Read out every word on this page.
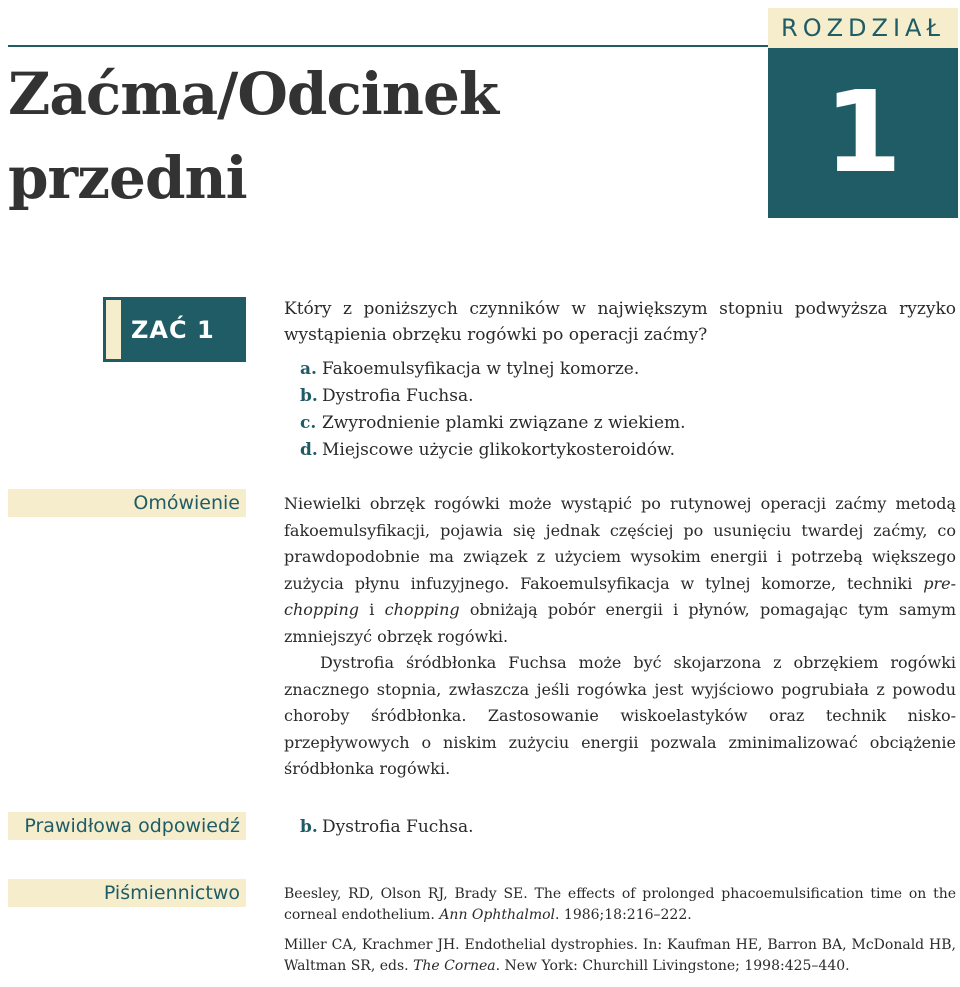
ROZDZIAŁ
1
Zaćma/Odcinek
przedni
ZAĆ 1

Który z poniższych czynników w największym stopniu podwyższa ryzyko wystąpienia obrzęku rogówki po operacji zaćmy?

a. Fakoemulsyfikacja w tylnej komorze.
b. Dystrofia Fuchsa.
c. Zwyrodnienie plamki związane z wiekiem.
d. Miejscowe użycie glikokortykosteroidów.
Omówienie	Niewielki obrzęk rogówki może wystąpić po rutynowej operacji zaćmy metodą fakoemulsyfikacji, pojawia się jednak częściej po usunięciu twardej zaćmy, co prawdopodobnie ma związek z użyciem wysokim energii i potrzebą większego zużycia płynu infuzyjnego. Fakoemulsyfikacja w tylnej komorze, techniki pre-chopping i chopping obniżają pobór energii i płynów, pomagając tym samym zmniejszyć obrzęk rogówki.

Dystrofia śródbłonka Fuchsa może być skojarzona z obrzękiem rogówki znacznego stopnia, zwłaszcza jeśli rogówka jest wyjściowo pogrubiała z powodu choroby śródbłonka. Zastosowanie wiskoelastyków oraz technik nisko-przepływowych o niskim zużyciu energii pozwala zminimalizować obciążenie śródbłonka rogówki.

Prawidłowa odpowiedź	b. Dystrofia Fuchsa.
Piśmiennictwo	Beesley, RD, Olson RJ, Brady SE. The effects of prolonged phacoemulsification time on the corneal endothelium. Ann Ophthalmol. 1986;18:216–222.

Miller CA, Krachmer JH. Endothelial dystrophies. In: Kaufman HE, Barron BA, McDonald HB, Waltman SR, eds. The Cornea. New York: Churchill Livingstone; 1998:425–440.
